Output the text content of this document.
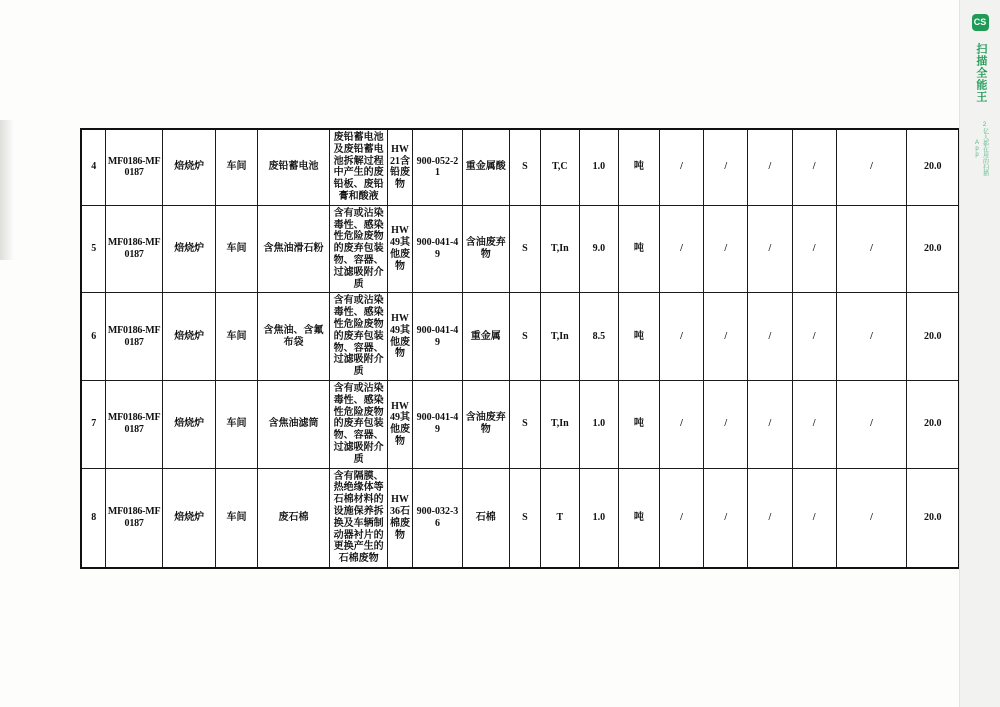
4	MF0186-MF0187	焙烧炉	车间	废铅蓄电池	废铅蓄电池及废铅蓄电池拆解过程中产生的废铅板、废铅膏和酸液	HW21含铅废物	900-052-21	重金属酸	S	T,C	1.0	吨	/	/	/	/	/	20.0
5	MF0186-MF0187	焙烧炉	车间	含焦油滑石粉	含有或沾染毒性、感染性危险废物的废弃包装物、容器、过滤吸附介质	HW49其他废物	900-041-49	含油废弃物	S	T,In	9.0	吨	/	/	/	/	/	20.0
6	MF0186-MF0187	焙烧炉	车间	含焦油、含氟布袋	含有或沾染毒性、感染性危险废物的废弃包装物、容器、过滤吸附介质	HW49其他废物	900-041-49	重金属	S	T,In	8.5	吨	/	/	/	/	/	20.0
7	MF0186-MF0187	焙烧炉	车间	含焦油滤筒	含有或沾染毒性、感染性危险废物的废弃包装物、容器、过滤吸附介质	HW49其他废物	900-041-49	含油废弃物	S	T,In	1.0	吨	/	/	/	/	/	20.0
8	MF0186-MF0187	焙烧炉	车间	废石棉	含有隔膜、热绝缘体等石棉材料的设施保养拆换及车辆制动器衬片的更换产生的石棉废物	HW36石棉废物	900-032-36	石棉	S	T	1.0	吨	/	/	/	/	/	20.0
CS
扫描全能王 2亿人都在用的扫描 App
